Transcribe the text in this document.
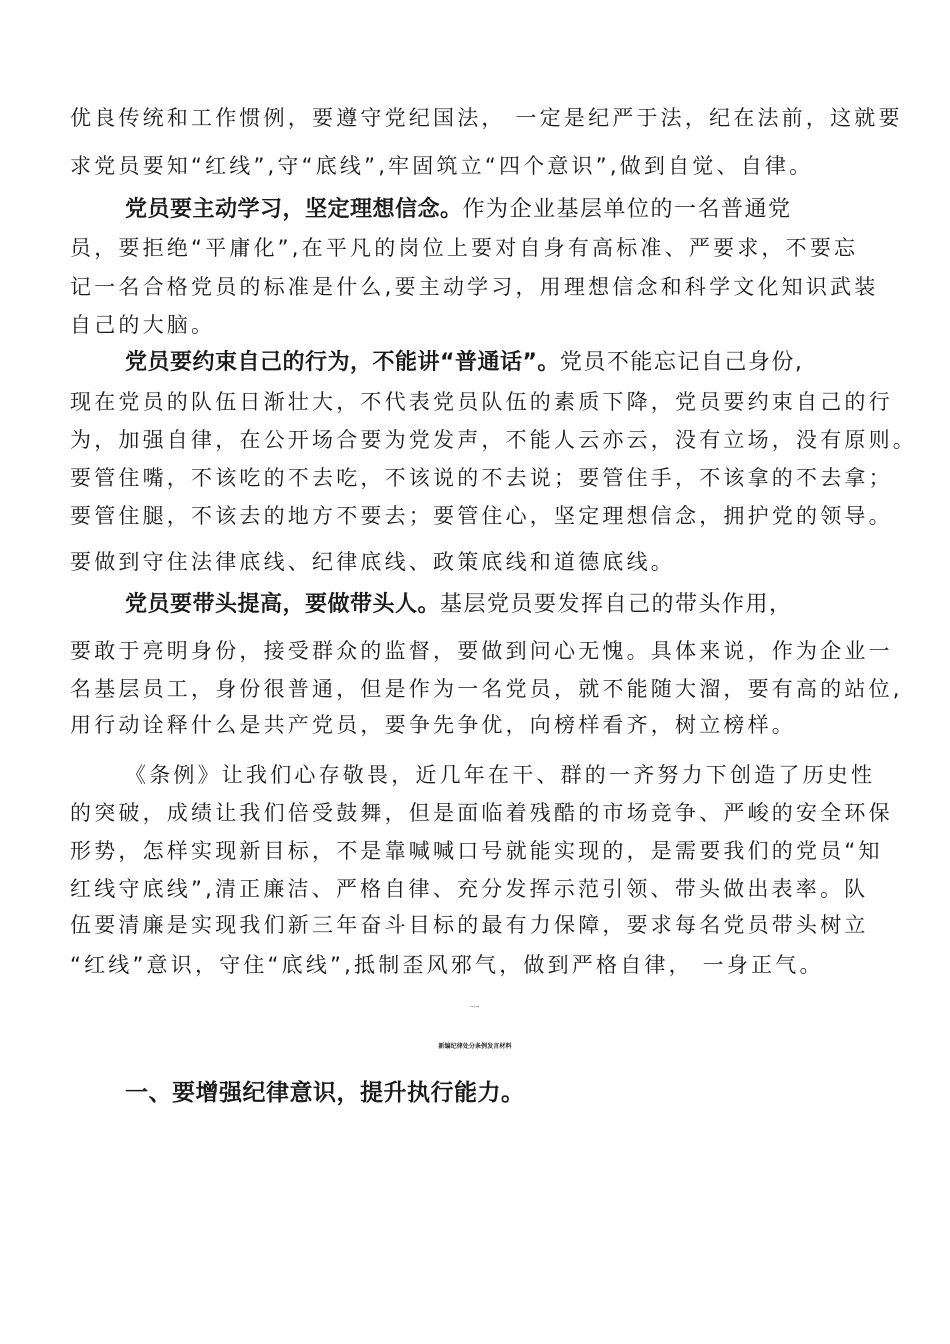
优良传统和工作惯例，要遵守党纪国法， 一定是纪严于法，纪在法前，这就要
求党员要知“红线”,守“底线”,牢固筑立“四个意识”,做到自觉、自律。
党员要主动学习，坚定理想信念。作为企业基层单位的一名普通党
员，要拒绝“平庸化”,在平凡的岗位上要对自身有高标准、严要求，不要忘
记一名合格党员的标准是什么,要主动学习，用理想信念和科学文化知识武装
自己的大脑。
党员要约束自己的行为，不能讲“普通话”。党员不能忘记自己身份,
现在党员的队伍日渐壮大，不代表党员队伍的素质下降，党员要约束自己的行
为，加强自律，在公开场合要为党发声，不能人云亦云，没有立场，没有原则。
要管住嘴，不该吃的不去吃，不该说的不去说；要管住手，不该拿的不去拿；
要管住腿，不该去的地方不要去；要管住心，坚定理想信念，拥护党的领导。
要做到守住法律底线、纪律底线、政策底线和道德底线。
党员要带头提高，要做带头人。基层党员要发挥自己的带头作用，
要敢于亮明身份，接受群众的监督，要做到问心无愧。具体来说，作为企业一
名基层员工，身份很普通，但是作为一名党员，就不能随大溜，要有高的站位,
用行动诠释什么是共产党员，要争先争优，向榜样看齐，树立榜样。
《条例》让我们心存敬畏，近几年在干、群的一齐努力下创造了历史性
的突破，成绩让我们倍受鼓舞，但是面临着残酷的市场竞争、严峻的安全环保
形势，怎样实现新目标，不是靠喊喊口号就能实现的，是需要我们的党员“知
红线守底线”,清正廉洁、严格自律、充分发挥示范引领、带头做出表率。队
伍要清廉是实现我们新三年奋斗目标的最有力保障，要求每名党员带头树立
“红线”意识，守住“底线”,抵制歪风邪气，做到严格自律， 一身正气。
学习研讨发言材料篇三
新编纪律处分条例发言材料
一、要增强纪律意识，提升执行能力。
